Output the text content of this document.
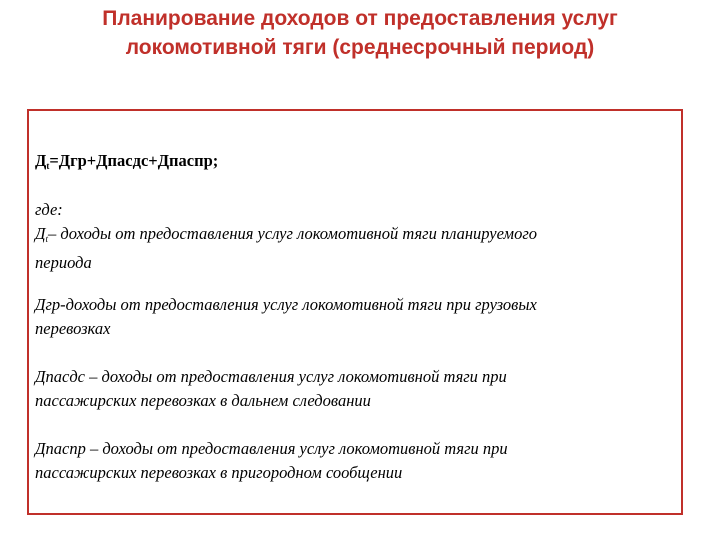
Планирование доходов от предоставления услуг
локомотивной тяги (среднесрочный период)
$Д_t=Дгр+Дпасдс+Дпаспр$;
где:
$Д_t-$ доходы от предоставления услуг локомотивной тяги планируемого
периода
Дгр-доходы от предоставления услуг локомотивной тяги при грузовых
перевозках
Дпасдс – доходы от предоставления услуг локомотивной тяги при
пассажирских перевозках в дальнем следовании
Дпаспр – доходы от предоставления услуг локомотивной тяги при
пассажирских перевозках в пригородном сообщении
